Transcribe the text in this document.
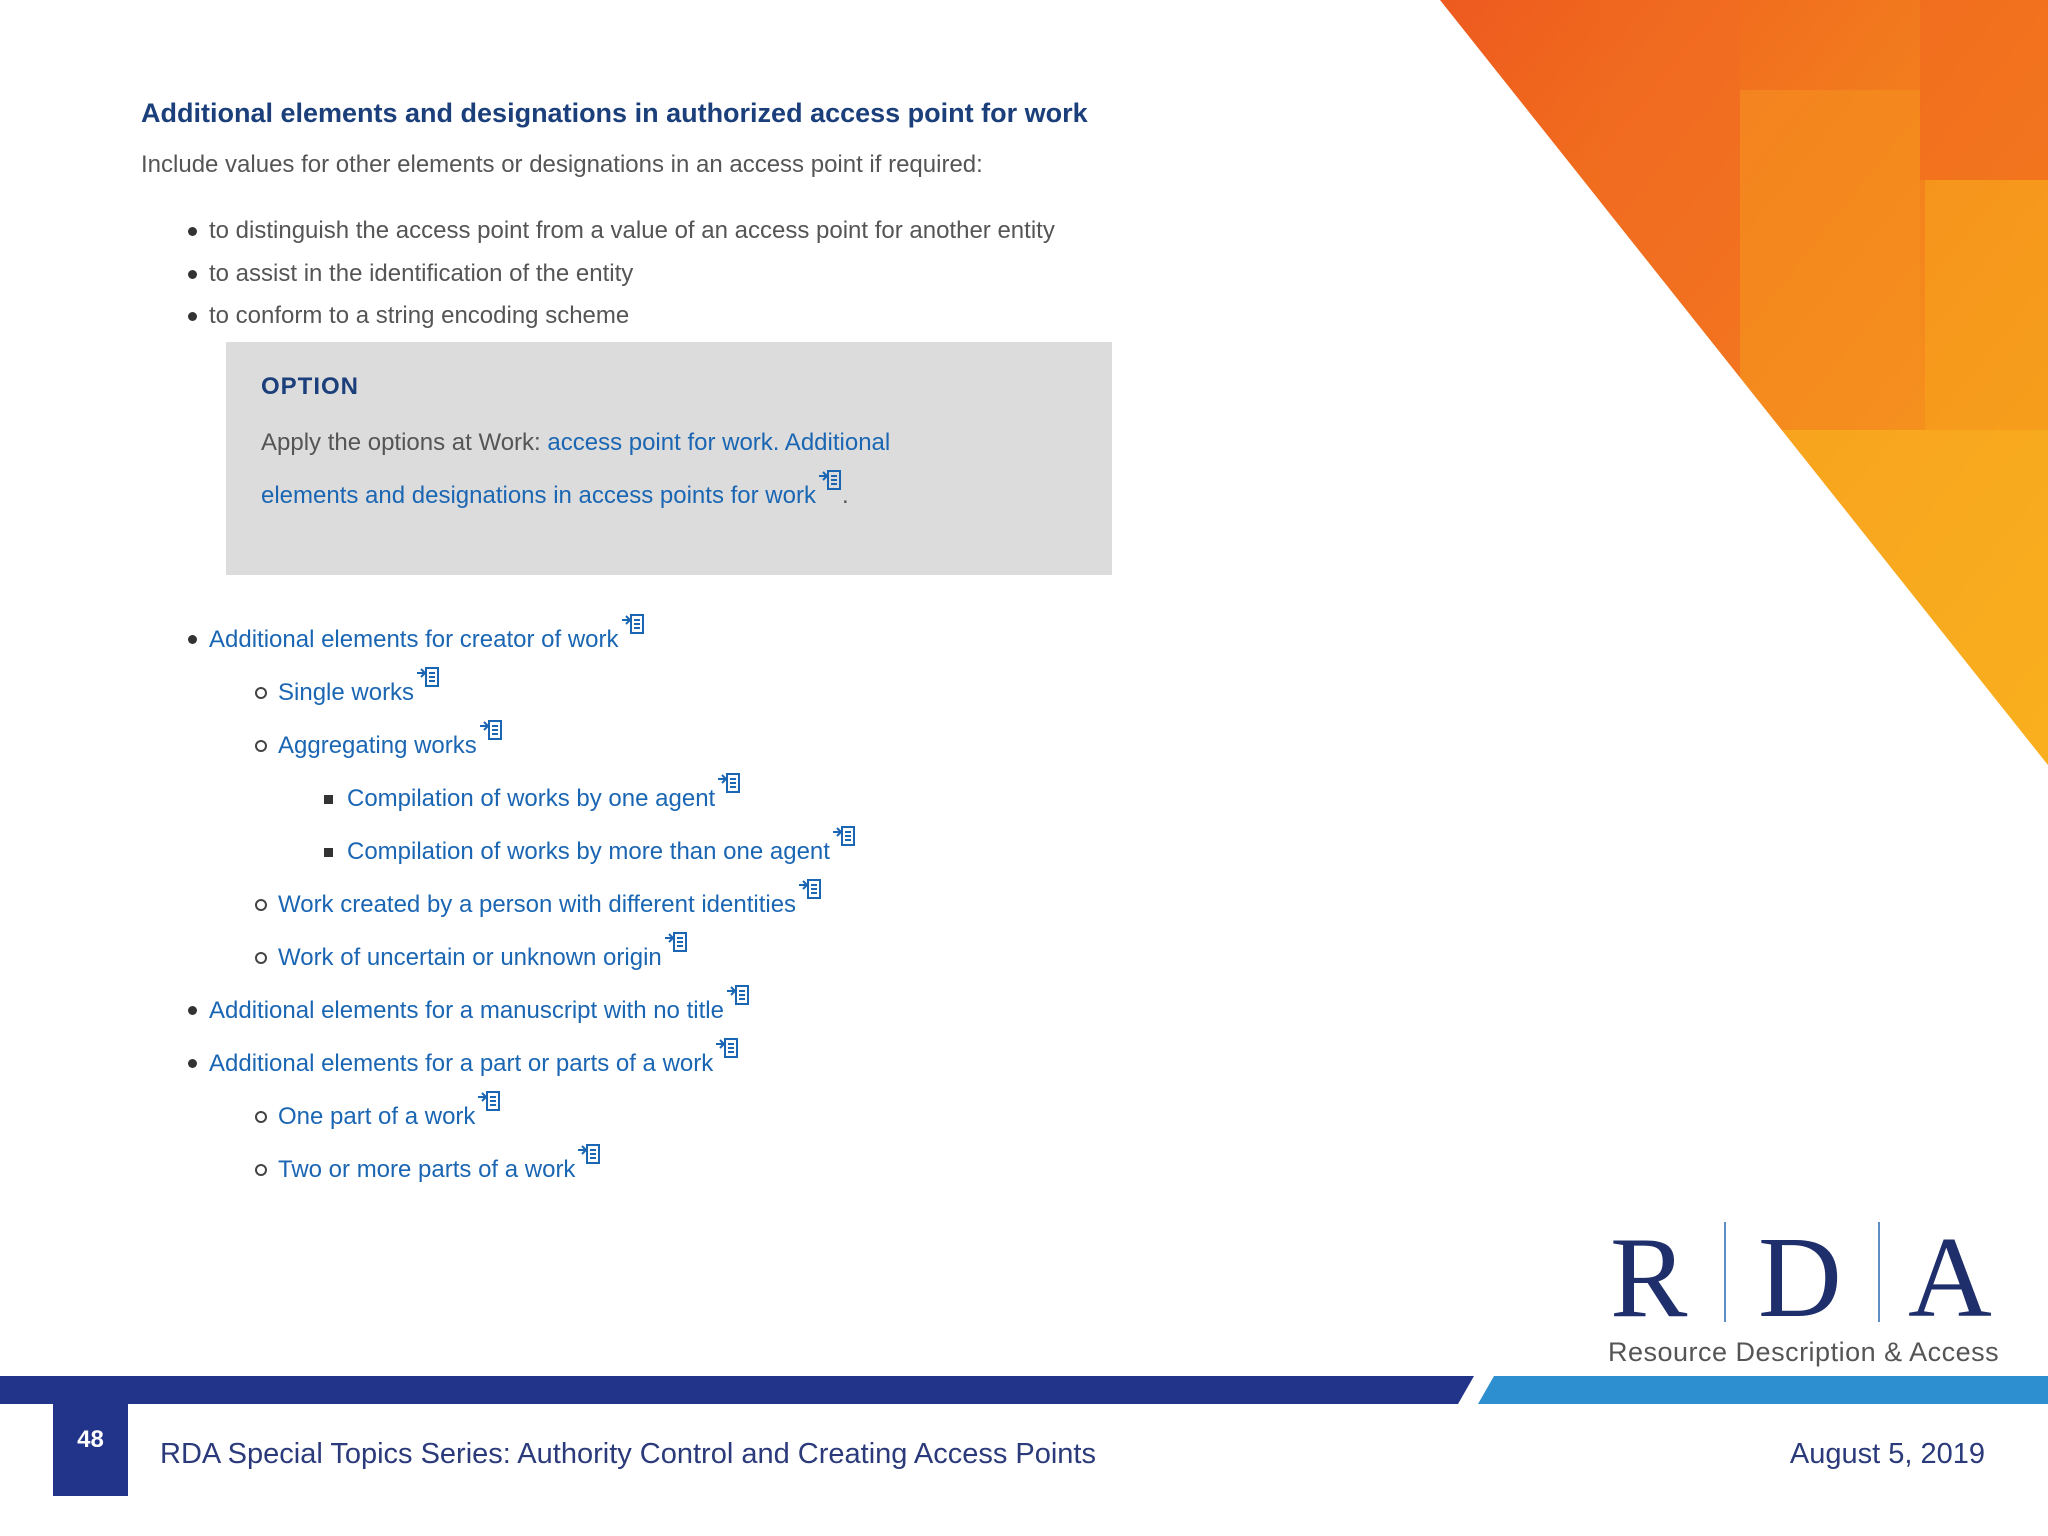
Additional elements and designations in authorized access point for work

Include values for other elements or designations in an access point if required:

to distinguish the access point from a value of an access point for another entity
to assist in the identification of the entity
to conform to a string encoding scheme
OPTION
Apply the options at Work: access point for work. Additional elements and designations in access points for work .
Additional elements for creator of work
Single works
Aggregating works
Compilation of works by one agent
Compilation of works by more than one agent
Work created by a person with different identities
Work of uncertain or unknown origin
Additional elements for a manuscript with no title
Additional elements for a part or parts of a work
One part of a work
Two or more parts of a work
R D A
Resource Description & Access
48	RDA Special Topics Series: Authority Control and Creating Access Points	August 5, 2019
